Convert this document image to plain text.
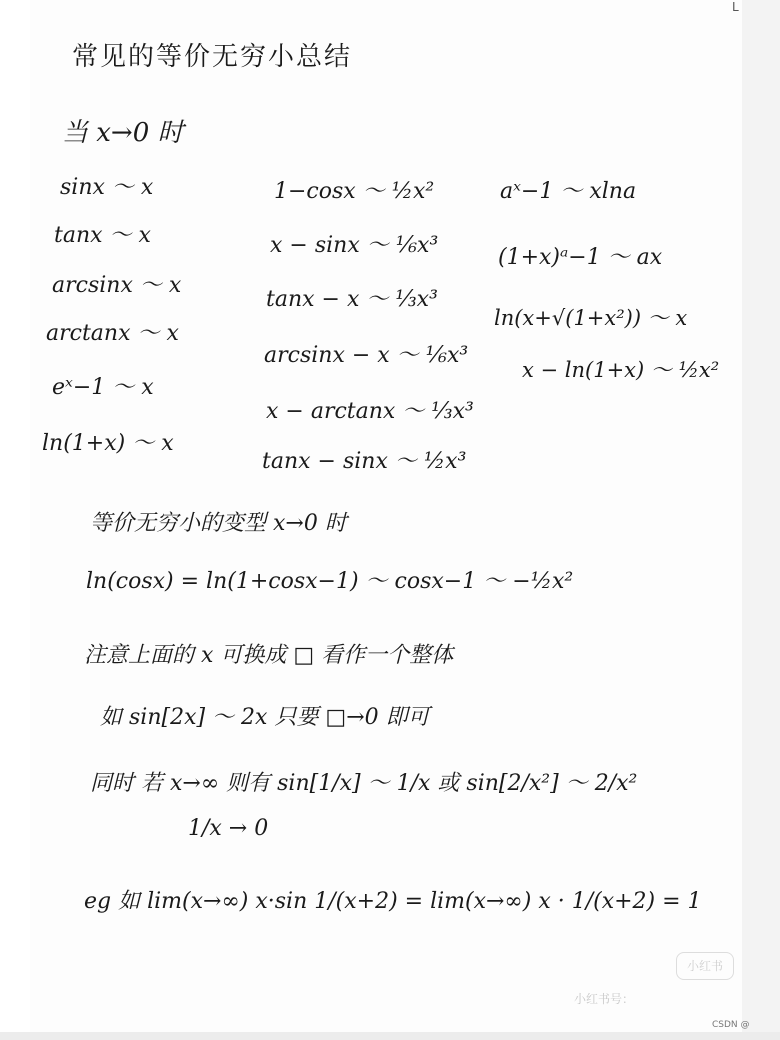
L
常见的等价无穷小总结
当 x→0 时
sinx ～ x
tanx ～ x
arcsinx ～ x
arctanx ～ x
eˣ−1 ～ x
ln(1+x) ～ x
1−cosx ～ ½x²
x − sinx ～ ⅙x³
tanx − x ～ ⅓x³
arcsinx − x ～ ⅙x³
x − arctanx ～ ⅓x³
tanx − sinx ～ ½x³
aˣ−1 ～ xlna
(1+x)ᵃ−1 ～ ax
ln(x+√(1+x²)) ～ x
x − ln(1+x) ～ ½x²
等价无穷小的变型 x→0 时
ln(cosx) = ln(1+cosx−1) ～ cosx−1 ～ −½x²
注意上面的 x 可换成 □ 看作一个整体
如 sin[2x] ～ 2x 只要 □→0 即可
同时 若 x→∞ 则有 sin[1/x] ～ 1/x 或 sin[2/x²] ～ 2/x²
1/x → 0
eg 如 lim(x→∞) x·sin 1/(x+2) = lim(x→∞) x · 1/(x+2) = 1
小红书
小红书号：
CSDN @
